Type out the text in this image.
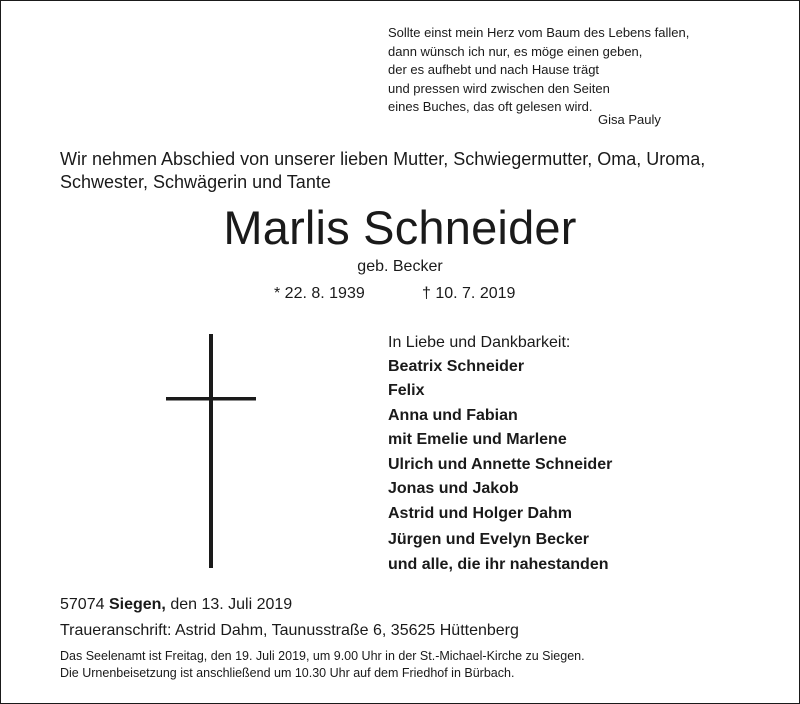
Sollte einst mein Herz vom Baum des Lebens fallen,
dann wünsch ich nur, es möge einen geben,
der es aufhebt und nach Hause trägt
und pressen wird zwischen den Seiten
eines Buches, das oft gelesen wird.
Gisa Pauly
Wir nehmen Abschied von unserer lieben Mutter, Schwiegermutter, Oma, Uroma,
Schwester, Schwägerin und Tante
Marlis Schneider
geb. Becker
* 22. 8. 1939	† 10. 7. 2019
In Liebe und Dankbarkeit:
Beatrix Schneider
Felix
Anna und Fabian
mit Emelie und Marlene
Ulrich und Annette Schneider
Jonas und Jakob
Astrid und Holger Dahm
Jürgen und Evelyn Becker
und alle, die ihr nahestanden
57074 Siegen, den 13. Juli 2019
Traueranschrift: Astrid Dahm, Taunusstraße 6, 35625 Hüttenberg
Das Seelenamt ist Freitag, den 19. Juli 2019, um 9.00 Uhr in der St.-Michael-Kirche zu Siegen.
Die Urnenbeisetzung ist anschließend um 10.30 Uhr auf dem Friedhof in Bürbach.
